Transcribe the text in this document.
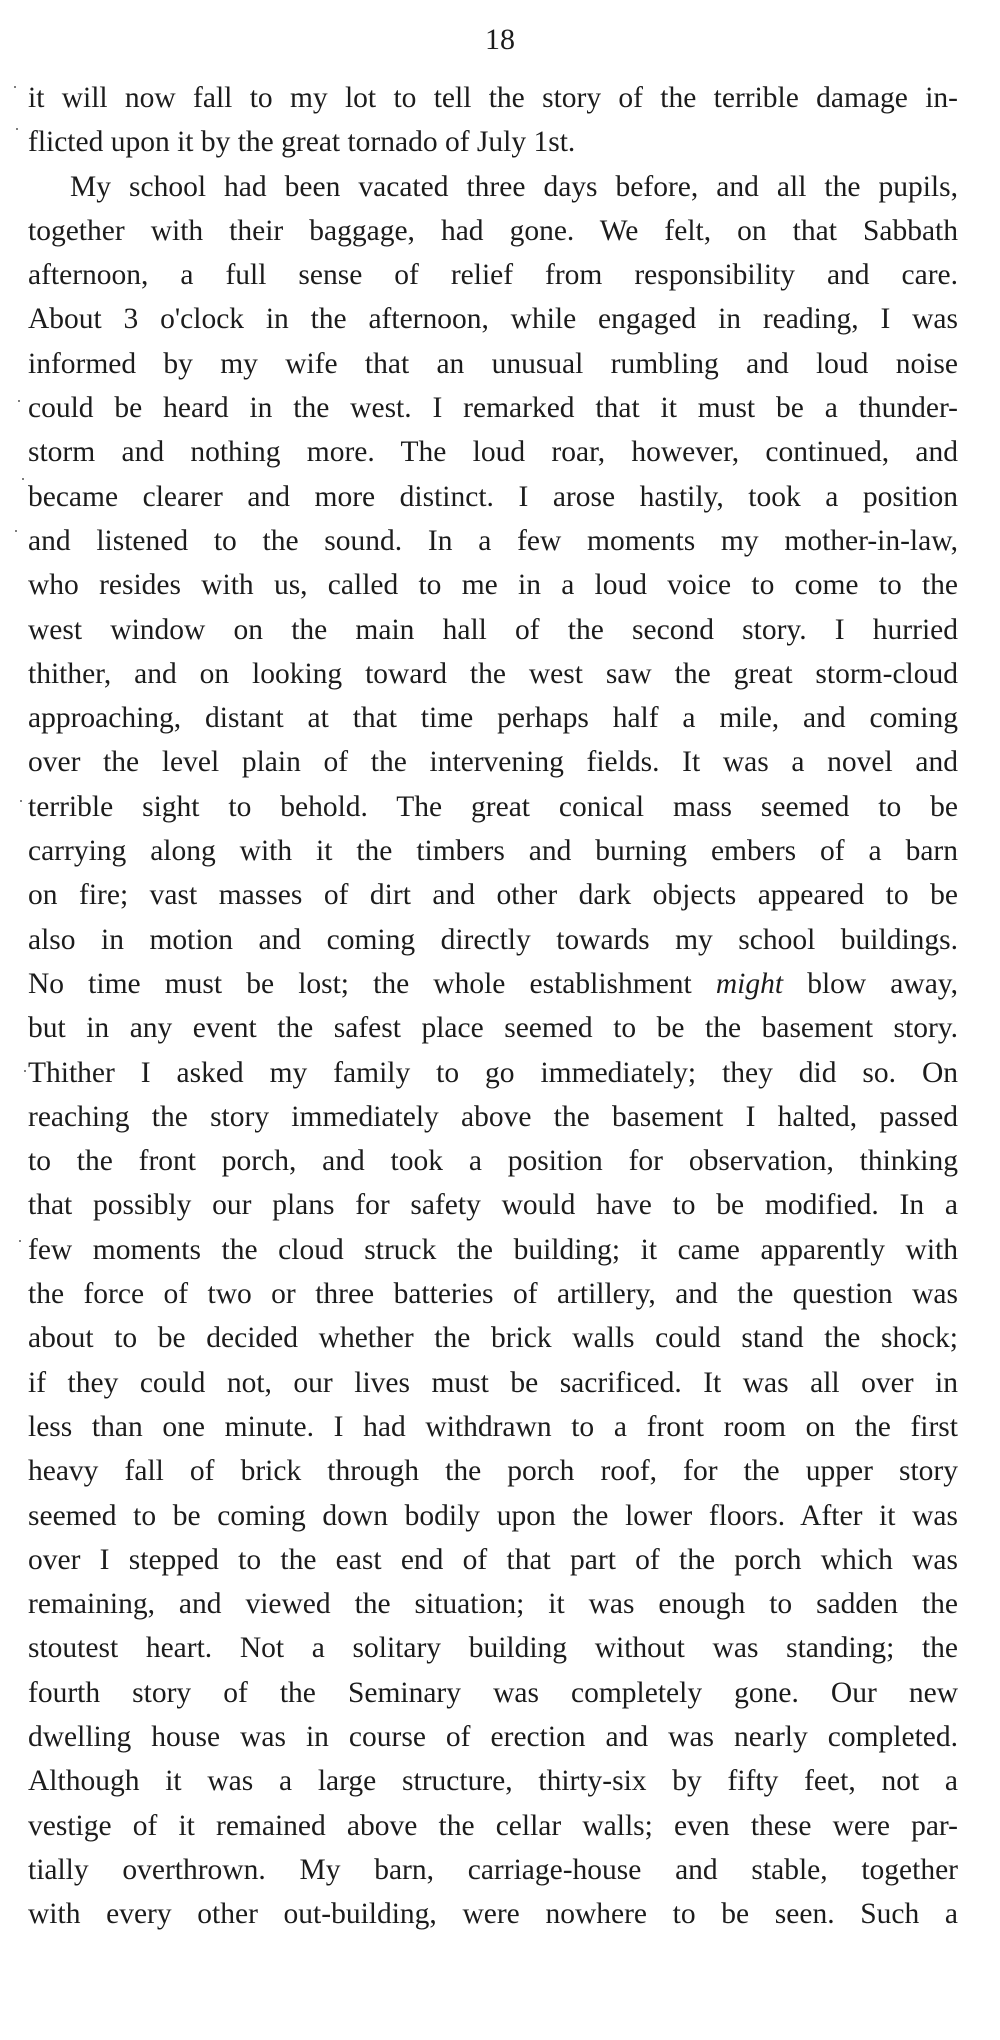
18
it will now fall to my lot to tell the story of the terrible damage in-
flicted upon it by the great tornado of July 1st.
My school had been vacated three days before, and all the pupils,
together with their baggage, had gone. We felt, on that Sabbath
afternoon, a full sense of relief from responsibility and care.
About 3 o'clock in the afternoon, while engaged in reading, I was
informed by my wife that an unusual rumbling and loud noise
could be heard in the west. I remarked that it must be a thunder-
storm and nothing more. The loud roar, however, continued, and
became clearer and more distinct. I arose hastily, took a position
and listened to the sound. In a few moments my mother-in-law,
who resides with us, called to me in a loud voice to come to the
west window on the main hall of the second story. I hurried
thither, and on looking toward the west saw the great storm-cloud
approaching, distant at that time perhaps half a mile, and coming
over the level plain of the intervening fields. It was a novel and
terrible sight to behold. The great conical mass seemed to be
carrying along with it the timbers and burning embers of a barn
on fire; vast masses of dirt and other dark objects appeared to be
also in motion and coming directly towards my school buildings.
No time must be lost; the whole establishment might blow away,
but in any event the safest place seemed to be the basement story.
Thither I asked my family to go immediately; they did so. On
reaching the story immediately above the basement I halted, passed
to the front porch, and took a position for observation, thinking
that possibly our plans for safety would have to be modified. In a
few moments the cloud struck the building; it came apparently with
the force of two or three batteries of artillery, and the question was
about to be decided whether the brick walls could stand the shock;
if they could not, our lives must be sacrificed. It was all over in
less than one minute. I had withdrawn to a front room on the first
heavy fall of brick through the porch roof, for the upper story
seemed to be coming down bodily upon the lower floors. After it was
over I stepped to the east end of that part of the porch which was
remaining, and viewed the situation; it was enough to sadden the
stoutest heart. Not a solitary building without was standing; the
fourth story of the Seminary was completely gone. Our new
dwelling house was in course of erection and was nearly completed.
Although it was a large structure, thirty-six by fifty feet, not a
vestige of it remained above the cellar walls; even these were par-
tially overthrown. My barn, carriage-house and stable, together
with every other out-building, were nowhere to be seen. Such a
